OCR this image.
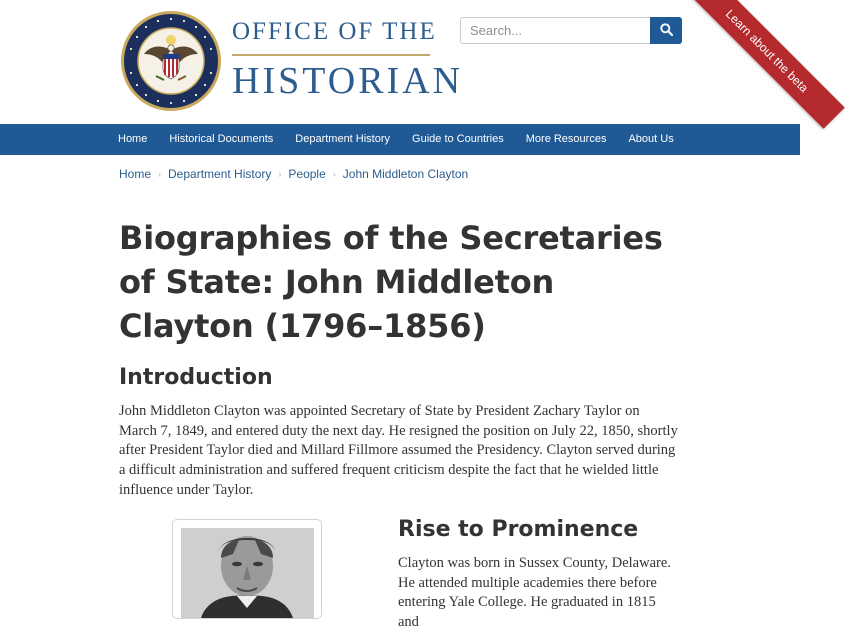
OFFICE OF THE
HISTORIAN
Search...	Learn about the beta
Home	Historical Documents	Department History	Guide to Countries	More Resources	About Us
Home › Department History › People › John Middleton Clayton
Biographies of the Secretaries of State: John Middleton Clayton (1796–1856)
Introduction

John Middleton Clayton was appointed Secretary of State by President Zachary Taylor on March 7, 1849, and entered duty the next day. He resigned the position on July 22, 1850, shortly after President Taylor died and Millard Fillmore assumed the Presidency. Clayton served during a difficult administration and suffered frequent criticism despite the fact that he wielded little influence under Taylor.

Rise to Prominence

Clayton was born in Sussex County, Delaware. He attended multiple academies there before entering Yale College. He graduated in 1815 and
